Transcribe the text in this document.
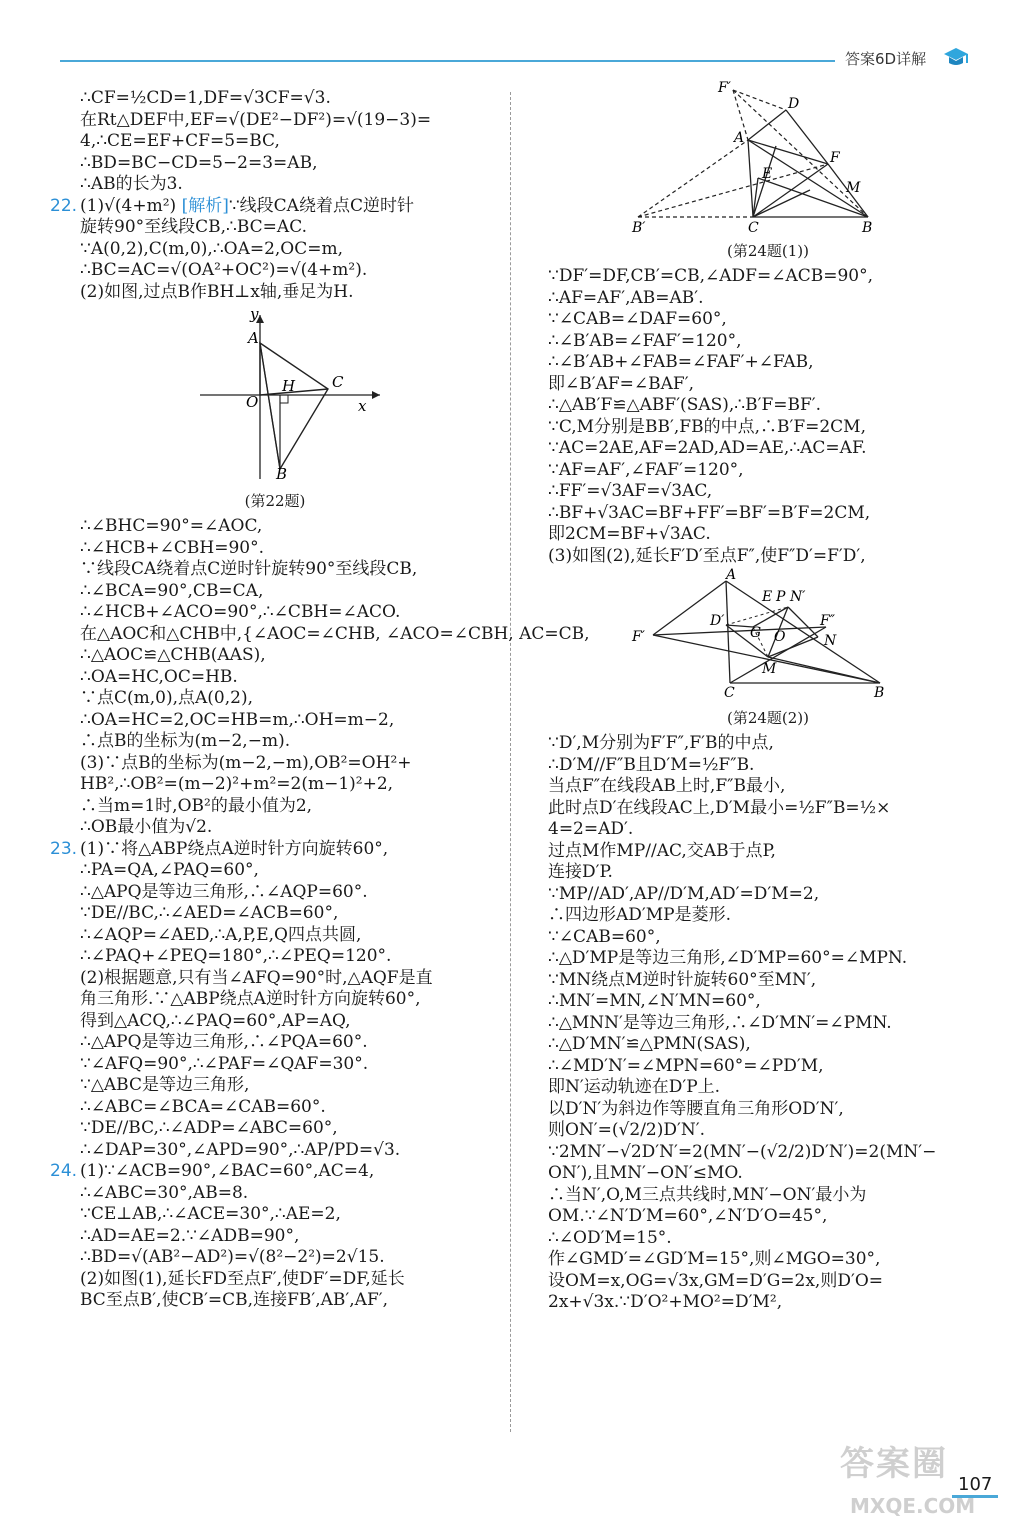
答案6D详解
∴CF=½CD=1,DF=√3CF=√3.
在Rt△DEF中,EF=√(DE²−DF²)=√(19−3)=
4,∴CE=EF+CF=5=BC,
∴BD=BC−CD=5−2=3=AB,
∴AB的长为3.
22. (1)√(4+m²) [解析]∵线段CA绕着点C逆时针
旋转90°至线段CB,∴BC=AC.
∵A(0,2),C(m,0),∴OA=2,OC=m,
∴BC=AC=√(OA²+OC²)=√(4+m²).
(2)如图,过点B作BH⊥x轴,垂足为H.
A
O
H C
B
y
x
(第22题)
∴∠BHC=90°=∠AOC,
∴∠HCB+∠CBH=90°.
∵线段CA绕着点C逆时针旋转90°至线段CB,
∴∠BCA=90°,CB=CA,
∴∠HCB+∠ACO=90°,∴∠CBH=∠ACO.
在△AOC和△CHB中,{∠AOC=∠CHB, ∠ACO=∠CBH, AC=CB,
∴△AOC≌△CHB(AAS),
∴OA=HC,OC=HB.
∵点C(m,0),点A(0,2),
∴OA=HC=2,OC=HB=m,∴OH=m−2,
∴点B的坐标为(m−2,−m).
(3)∵点B的坐标为(m−2,−m),OB²=OH²+
HB²,∴OB²=(m−2)²+m²=2(m−1)²+2,
∴当m=1时,OB²的最小值为2,
∴OB最小值为√2.
23. (1)∵将△ABP绕点A逆时针方向旋转60°,
∴PA=QA,∠PAQ=60°,
∴△APQ是等边三角形,∴∠AQP=60°.
∵DE//BC,∴∠AED=∠ACB=60°,
∴∠AQP=∠AED,∴A,P,E,Q四点共圆,
∴∠PAQ+∠PEQ=180°,∴∠PEQ=120°.
(2)根据题意,只有当∠AFQ=90°时,△AQF是直
角三角形.∵△ABP绕点A逆时针方向旋转60°,
得到△ACQ,∴∠PAQ=60°,AP=AQ,
∴△APQ是等边三角形,∴∠PQA=60°.
∵∠AFQ=90°,∴∠PAF=∠QAF=30°.
∵△ABC是等边三角形,
∴∠ABC=∠BCA=∠CAB=60°.
∵DE//BC,∴∠ADP=∠ABC=60°,
∴∠DAP=30°,∠APD=90°,∴AP/PD=√3.
24. (1)∵∠ACB=90°,∠BAC=60°,AC=4,
∴∠ABC=30°,AB=8.
∵CE⊥AB,∴∠ACE=30°,∴AE=2,
∴AD=AE=2.∵∠ADB=90°,
∴BD=√(AB²−AD²)=√(8²−2²)=2√15.
(2)如图(1),延长FD至点F′,使DF′=DF,延长
BC至点B′,使CB′=CB,连接FB′,AB′,AF′,
F′
D
A
E
F
M
B′	C	B
(第24题(1))
∵DF′=DF,CB′=CB,∠ADF=∠ACB=90°,
∴AF=AF′,AB=AB′.
∵∠CAB=∠DAF=60°,
∴∠B′AB=∠FAF′=120°,
∴∠B′AB+∠FAB=∠FAF′+∠FAB,
即∠B′AF=∠BAF′,
∴△AB′F≌△ABF′(SAS),∴B′F=BF′.
∵C,M分别是BB′,FB的中点,∴B′F=2CM,
∵AC=2AE,AF=2AD,AD=AE,∴AC=AF.
∵AF=AF′,∠FAF′=120°,
∴FF′=√3AF=√3AC,
∴BF+√3AC=BF+FF′=BF′=B′F=2CM,
即2CM=BF+√3AC.
(3)如图(2),延长F′D′至点F″,使F″D′=F′D′,
A
E P N′
F″
D′
G O	N
F′
M
C	B
(第24题(2))
∵D′,M分别为F′F″,F′B的中点,
∴D′M//F″B且D′M=½F″B.
当点F″在线段AB上时,F″B最小,
此时点D′在线段AC上,D′M最小=½F″B=½×
4=2=AD′.
过点M作MP//AC,交AB于点P,
连接D′P.
∵MP//AD′,AP//D′M,AD′=D′M=2,
∴四边形AD′MP是菱形.
∵∠CAB=60°,
∴△D′MP是等边三角形,∠D′MP=60°=∠MPN.
∵MN绕点M逆时针旋转60°至MN′,
∴MN′=MN,∠N′MN=60°,
∴△MNN′是等边三角形,∴∠D′MN′=∠PMN.
∴△D′MN′≌△PMN(SAS),
∴∠MD′N′=∠MPN=60°=∠PD′M,
即N′运动轨迹在D′P上.
以D′N′为斜边作等腰直角三角形OD′N′,
则ON′=(√2/2)D′N′.
∵2MN′−√2D′N′=2(MN′−(√2/2)D′N′)=2(MN′−
ON′),且MN′−ON′≤MO.
∴当N′,O,M三点共线时,MN′−ON′最小为
OM.∵∠N′D′M=60°,∠N′D′O=45°,
∴∠OD′M=15°.
作∠GMD′=∠GD′M=15°,则∠MGO=30°,
设OM=x,OG=√3x,GM=D′G=2x,则D′O=
2x+√3x.∵D′O²+MO²=D′M²,
答案圈
MXQE.COM
107
